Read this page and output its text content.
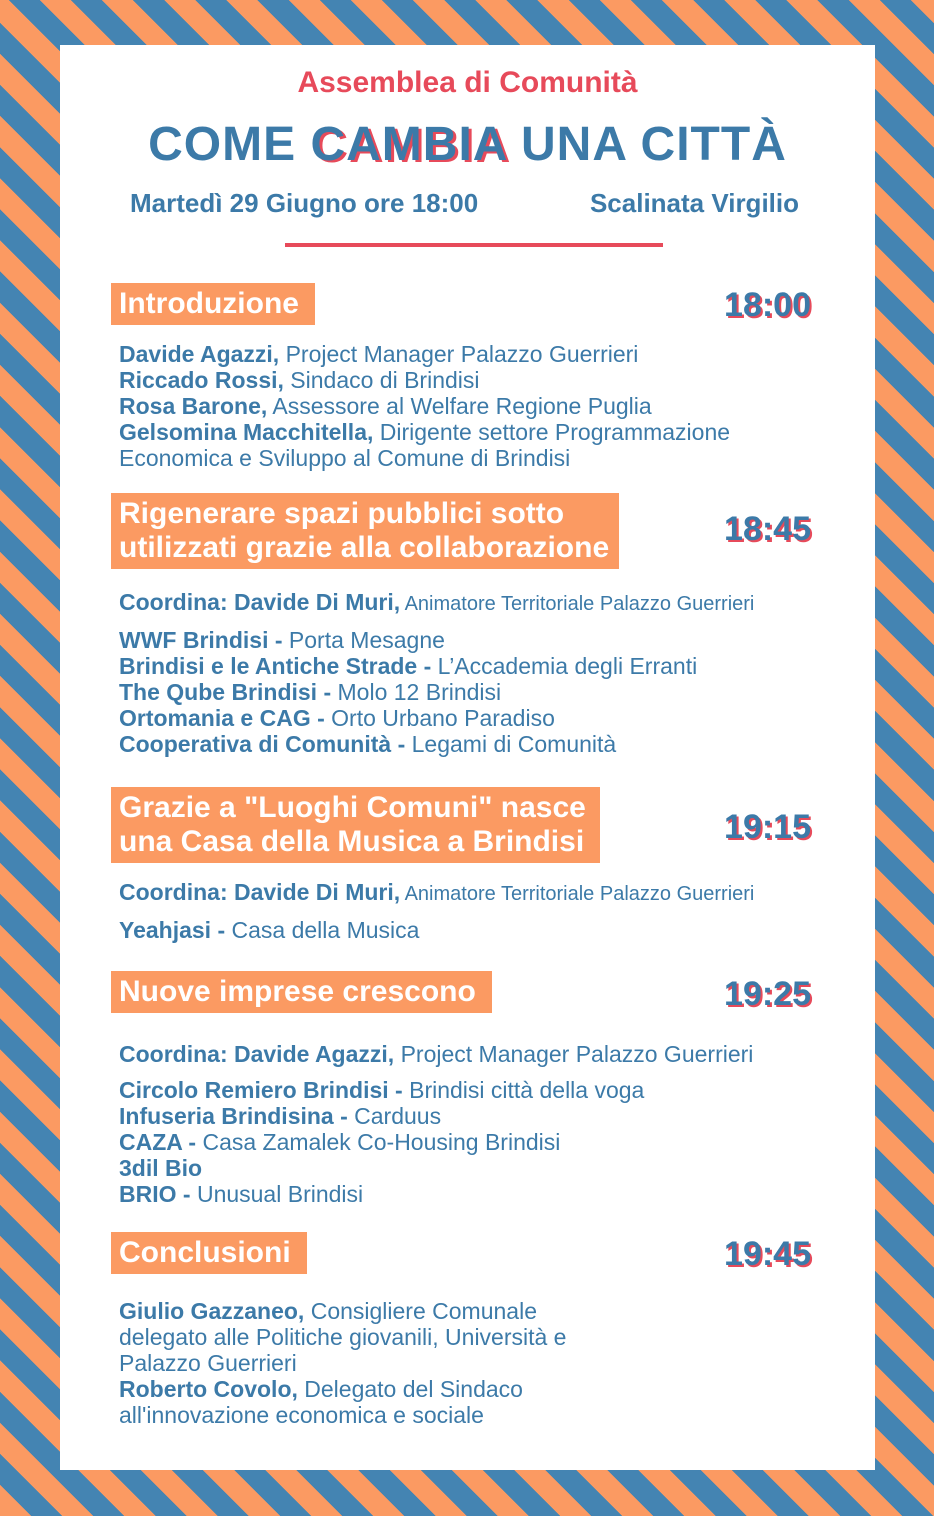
Assemblea di Comunità
COME CAMBIA UNA CITTÀ
Martedì 29 Giugno ore 18:00	Scalinata Virgilio
Introduzione	18:00
Davide Agazzi, Project Manager Palazzo Guerrieri
Riccado Rossi, Sindaco di Brindisi
Rosa Barone, Assessore al Welfare Regione Puglia
Gelsomina Macchitella, Dirigente settore Programmazione Economica e Sviluppo al Comune di Brindisi
Rigenerare spazi pubblici sotto
utilizzati grazie alla collaborazione	18:45
Coordina: Davide Di Muri, Animatore Territoriale Palazzo Guerrieri
WWF Brindisi - Porta Mesagne
Brindisi e le Antiche Strade - L’Accademia degli Erranti
The Qube Brindisi - Molo 12 Brindisi
Ortomania e CAG - Orto Urbano Paradiso
Cooperativa di Comunità - Legami di Comunità
Grazie a "Luoghi Comuni" nasce
una Casa della Musica a Brindisi	19:15
Coordina: Davide Di Muri, Animatore Territoriale Palazzo Guerrieri
Yeahjasi - Casa della Musica
Nuove imprese crescono	19:25
Coordina: Davide Agazzi, Project Manager Palazzo Guerrieri
Circolo Remiero Brindisi - Brindisi città della voga
Infuseria Brindisina - Carduus
CAZA - Casa Zamalek Co-Housing Brindisi
3dil Bio
BRIO - Unusual Brindisi
Conclusioni	19:45
Giulio Gazzaneo, Consigliere Comunale delegato alle Politiche giovanili, Università e Palazzo Guerrieri
Roberto Covolo, Delegato del Sindaco all'innovazione economica e sociale
